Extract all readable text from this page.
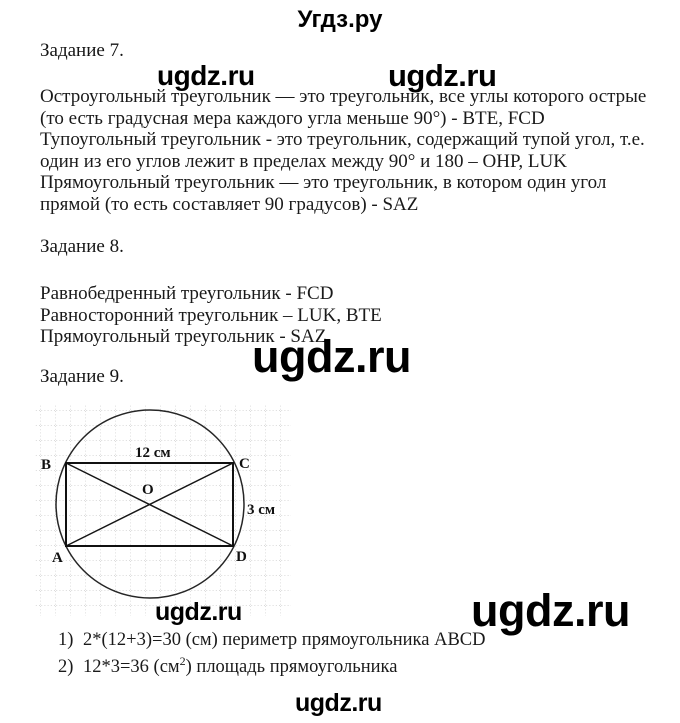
Угдз.ру
Задание 7.
ugdz.ru	ugdz.ru
Остроугольный треугольник — это треугольник, все углы которого острые
(то есть градусная мера каждого угла меньше 90°) - BTE, FCD
Тупоугольный треугольник - это треугольник, содержащий тупой угол, т.е.
один из его углов лежит в пределах между 90° и 180 – OHP, LUK
Прямоугольный треугольник — это треугольник, в котором один угол
прямой (то есть составляет 90 градусов) - SAZ
Задание 8.
Равнобедренный треугольник - FCD
Равносторонний треугольник – LUK, BTE
Прямоугольный треугольник - SAZ
ugdz.ru
Задание 9.
B	C
A	D
O
12 см
3 см
ugdz.ru	ugdz.ru
1) 2*(12+3)=30 (см) периметр прямоугольника ABCD
2) 12*3=36 $(см^2)$ площадь прямоугольника
ugdz.ru
